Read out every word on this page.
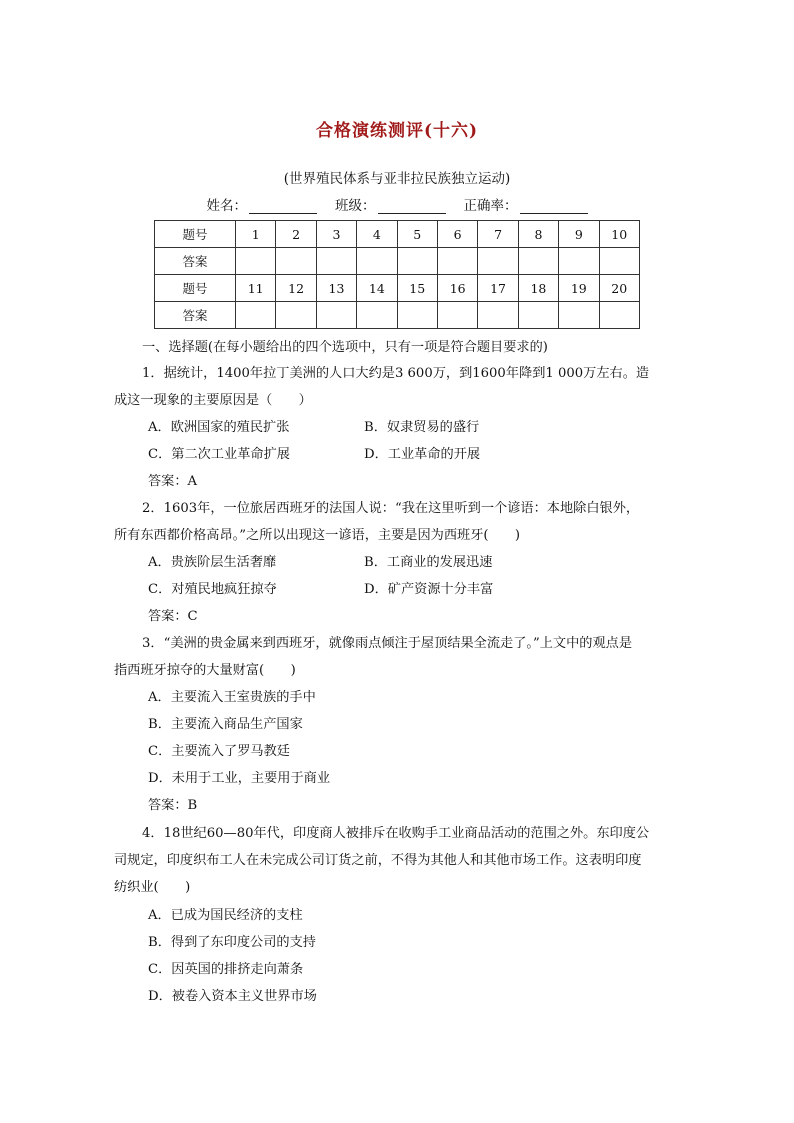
合格演练测评(十六)
(世界殖民体系与亚非拉民族独立运动)
姓名：	班级：	正确率：
题号	1	2	3	4	5	6	7	8	9	10
答案										
题号	11	12	13	14	15	16	17	18	19	20
答案										
一、选择题(在每小题给出的四个选项中，只有一项是符合题目要求的)
1．据统计，1400年拉丁美洲的人口大约是3 600万，到1600年降到1 000万左右。造
成这一现象的主要原因是（　　）
A．欧洲国家的殖民扩张	B．奴隶贸易的盛行
C．第二次工业革命扩展	D．工业革命的开展
答案：A
2．1603年，一位旅居西班牙的法国人说：“我在这里听到一个谚语：本地除白银外，
所有东西都价格高昂。”之所以出现这一谚语，主要是因为西班牙(　　)
A．贵族阶层生活奢靡	B．工商业的发展迅速
C．对殖民地疯狂掠夺	D．矿产资源十分丰富
答案：C
3．“美洲的贵金属来到西班牙，就像雨点倾注于屋顶结果全流走了。”上文中的观点是
指西班牙掠夺的大量财富(　　)
A．主要流入王室贵族的手中
B．主要流入商品生产国家
C．主要流入了罗马教廷
D．未用于工业，主要用于商业
答案：B
4．18世纪60—80年代，印度商人被排斥在收购手工业商品活动的范围之外。东印度公
司规定，印度织布工人在未完成公司订货之前，不得为其他人和其他市场工作。这表明印度
纺织业(　　)
A．已成为国民经济的支柱
B．得到了东印度公司的支持
C．因英国的排挤走向萧条
D．被卷入资本主义世界市场
